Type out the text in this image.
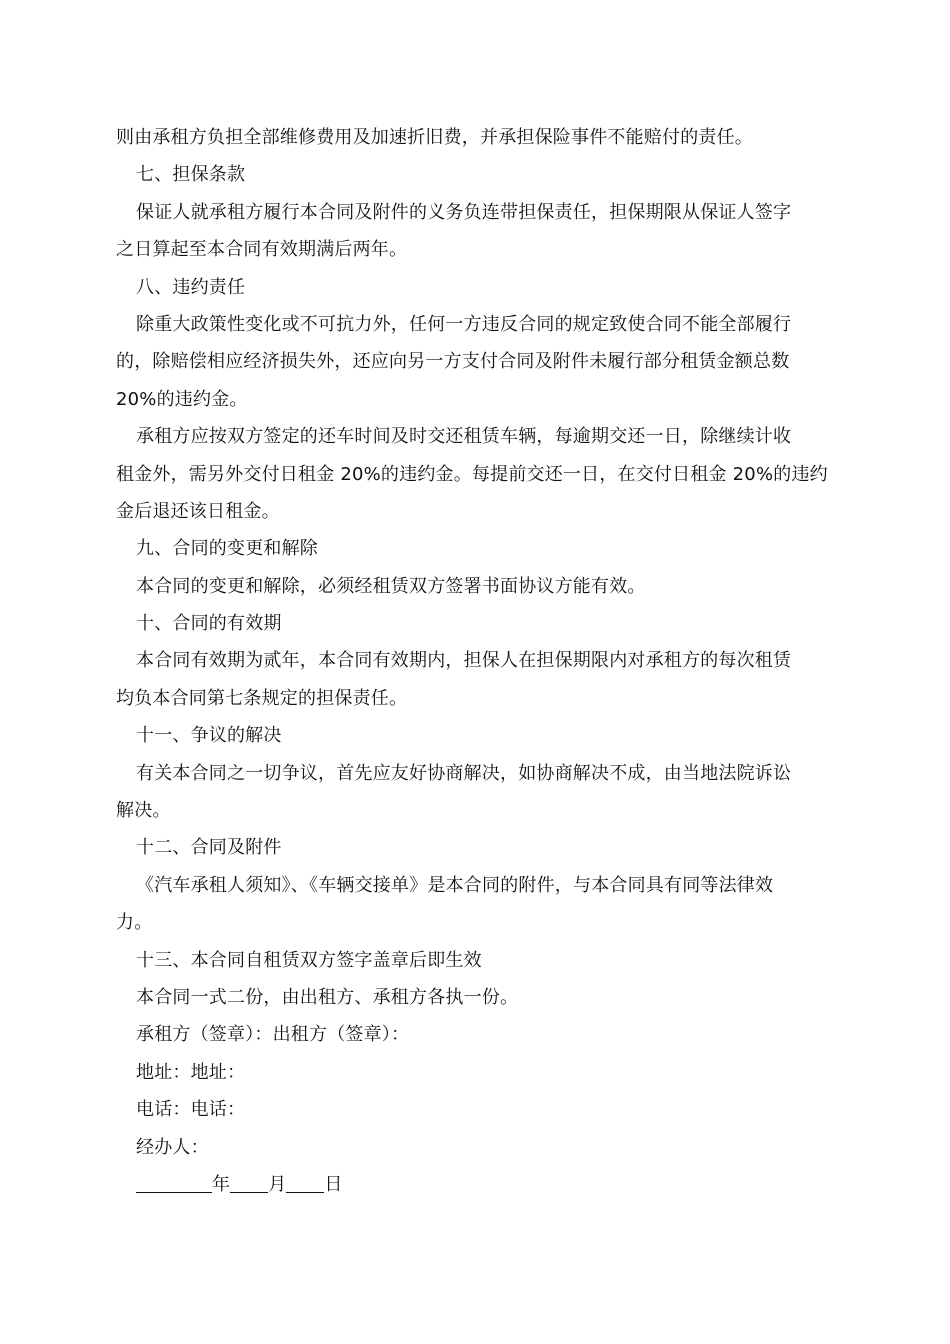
则由承租方负担全部维修费用及加速折旧费，并承担保险事件不能赔付的责任。
七、担保条款
保证人就承租方履行本合同及附件的义务负连带担保责任，担保期限从保证人签字
之日算起至本合同有效期满后两年。
八、违约责任
除重大政策性变化或不可抗力外，任何一方违反合同的规定致使合同不能全部履行
的，除赔偿相应经济损失外，还应向另一方支付合同及附件未履行部分租赁金额总数
20%的违约金。
承租方应按双方签定的还车时间及时交还租赁车辆，每逾期交还一日，除继续计收
租金外，需另外交付日租金 20%的违约金。每提前交还一日，在交付日租金 20%的违约
金后退还该日租金。
九、合同的变更和解除
本合同的变更和解除，必须经租赁双方签署书面协议方能有效。
十、合同的有效期
本合同有效期为贰年，本合同有效期内，担保人在担保期限内对承租方的每次租赁
均负本合同第七条规定的担保责任。
十一、争议的解决
有关本合同之一切争议，首先应友好协商解决，如协商解决不成，由当地法院诉讼
解决。
十二、合同及附件
《汽车承租人须知》、《车辆交接单》是本合同的附件，与本合同具有同等法律效
力。
十三、本合同自租赁双方签字盖章后即生效
本合同一式二份，由出租方、承租方各执一份。
承租方（签章）：出租方（签章）：
地址：地址：
电话：电话：
经办人：
年 月 日
